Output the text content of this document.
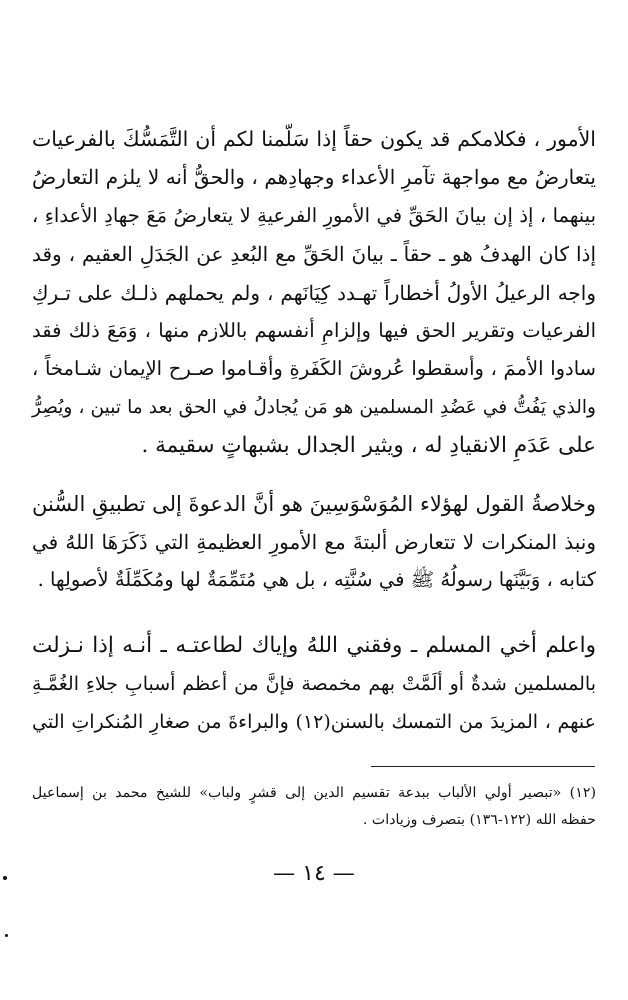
الأمور ، فكلامكم قد يكون حقاً إذا سَلّمنا لكم أن التَّمَسُّكَ بالفرعيات
يتعارضُ مع مواجهة تآمرِ الأعداء وجهادِهم ، والحقُّ أنه لا يلزم التعارضُ
بينهما ، إذ إن بيانَ الحَقِّ في الأمورِ الفرعيةِ لا يتعارضُ مَعَ جهادِ الأعداءِ ،
إذا كان الهدفُ هو ـ حقاً ـ بيانَ الحَقِّ مع البُعدِ عن الجَدَلِ العقيم ، وقد
واجه الرعيلُ الأولُ أخطاراً تهـدد كِيَانَهم ، ولم يحملهم ذلـك على تـركِ
الفرعيات وتقرير الحق فيها وإلزامِ أنفسهم باللازم منها ، وَمَعَ ذلك فقد
سادوا الأممَ ، وأسقطوا عُروشَ الكَفَرةِ وأقـاموا صـرح الإيمان شـامخاً ،
والذي يَفُتُّ في عَضُدِ المسلمين هو مَن يُجادلُ في الحق بعد ما تبين ، ويُصِرُّ
على عَدَمِ الانقيادِ له ، ويثير الجدال بشبهاتٍ سقيمة .
وخلاصةُ القول لهؤلاء المُوَسْوَسِينَ هو أنَّ الدعوةَ إلى تطبيقِ السُّنن
ونبذ المنكرات لا تتعارض ألبتةَ مع الأمورِ العظيمةِ التي ذَكَرَهَا اللهُ في
كتابه ، وَبَيَّنَها رسولُهُ ﷺ في سُنَّتِه ، بل هي مُتَمِّمَةٌ لها ومُكَمِّلَةٌ لأصولِها .
واعلم أخي المسلم ـ وفقني اللهُ وإياك لطاعتـه ـ أنـه إذا نـزلت
بالمسلمين شدةٌ أو ألَمَّتْ بهم مخمصة فإنَّ من أعظم أسبابِ جلاءِ الغُمَّـةِ
عنهم ، المزيدَ من التمسك بالسنن(١٢) والبراءةَ من صغارِ المُنكراتِ التي
(١٢) «تبصير أولي الألباب ببدعة تقسيم الدين إلى قشرٍ ولباب» للشيخ محمد بن إسماعيل
حفظه الله (١٢٢-١٣٦) بتصرف وزيادات .
— ١٤ —
